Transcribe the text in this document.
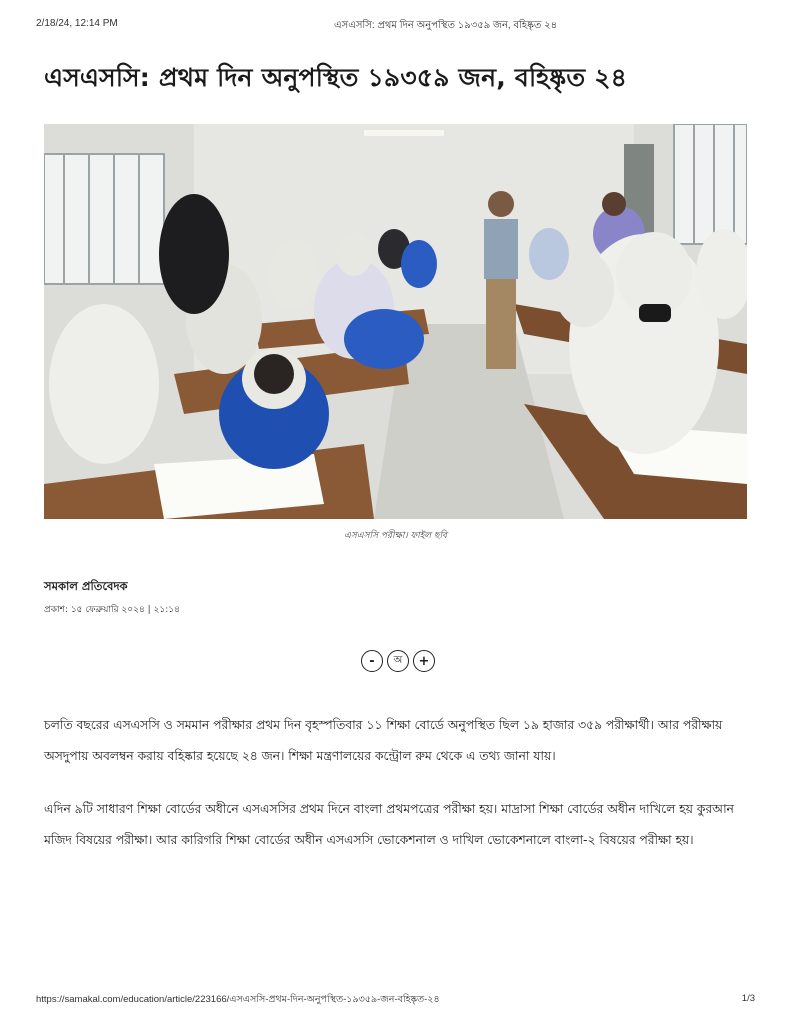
2/18/24, 12:14 PM	এসএসসি: প্রথম দিন অনুপস্থিত ১৯৩৫৯ জন, বহিষ্কৃত ২৪
এসএসসি: প্রথম দিন অনুপস্থিত ১৯৩৫৯ জন, বহিষ্কৃত ২৪
এসএসসি পরীক্ষা। ফাইল ছবি
সমকাল প্রতিবেদক
প্রকাশ: ১৫ ফেব্রুয়ারি ২০২৪ | ২১:১৪
-	অ	+

চলতি বছরের এসএসসি ও সমমান পরীক্ষার প্রথম দিন বৃহস্পতিবার ১১ শিক্ষা বোর্ডে অনুপস্থিত ছিল ১৯ হাজার ৩৫৯ পরীক্ষার্থী। আর পরীক্ষায় অসদুপায় অবলম্বন করায় বহিষ্কার হয়েছে ২৪ জন। শিক্ষা মন্ত্রণালয়ের কন্ট্রোল রুম থেকে এ তথ্য জানা যায়।

এদিন ৯টি সাধারণ শিক্ষা বোর্ডের অধীনে এসএসসির প্রথম দিনে বাংলা প্রথমপত্রের পরীক্ষা হয়। মাদ্রাসা শিক্ষা বোর্ডের অধীন দাখিলে হয় কুরআন মজিদ বিষয়ের পরীক্ষা। আর কারিগরি শিক্ষা বোর্ডের অধীন এসএসসি ভোকেশনাল ও দাখিল ভোকেশনালে বাংলা-২ বিষয়ের পরীক্ষা হয়।

https://samakal.com/education/article/223166/এসএসসি-প্রথম-দিন-অনুপস্থিত-১৯৩৫৯-জন-বহিষ্কৃত-২৪	1/3
